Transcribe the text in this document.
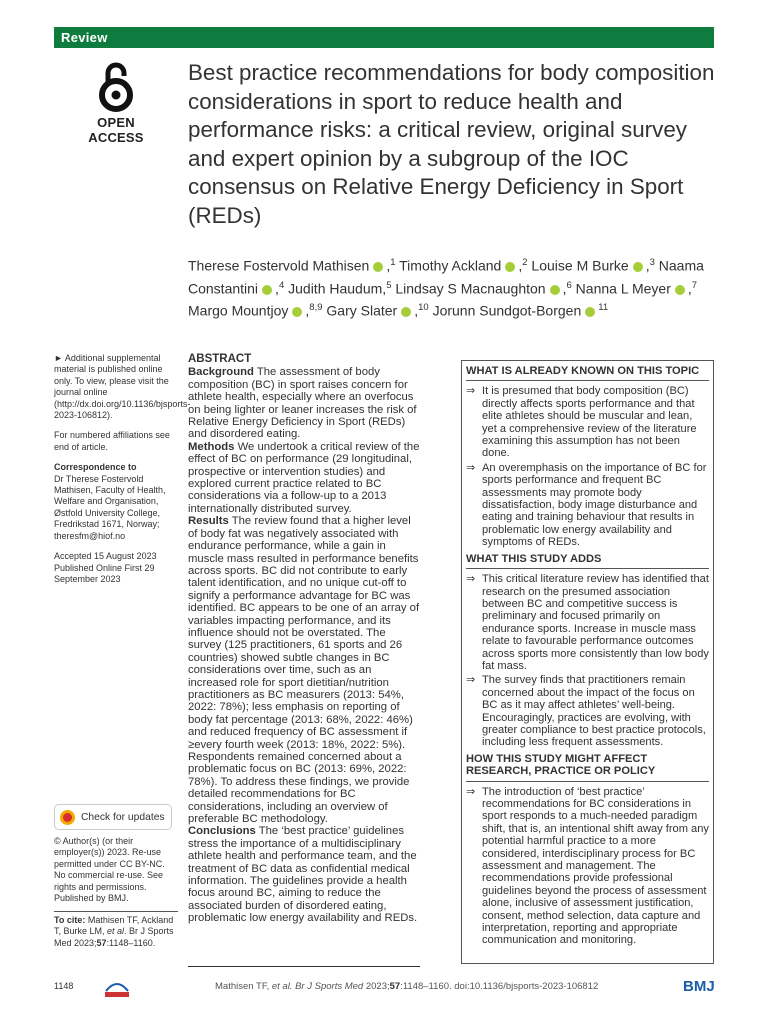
Review
OPEN ACCESS
Best practice recommendations for body composition considerations in sport to reduce health and performance risks: a critical review, original survey and expert opinion by a subgroup of the IOC consensus on Relative Energy Deficiency in Sport (REDs)
Therese Fostervold Mathisen ,$^1$ Timothy Ackland ,$^2$ Louise M Burke ,$^3$ Naama Constantini ,$^4$ Judith Haudum,$^5$ Lindsay S Macnaughton ,$^6$ Nanna L Meyer ,$^7$ Margo Mountjoy ,$^{8,9}$ Gary Slater ,$^{10}$ Jorunn Sundgot-Borgen $^{11}$

► Additional supplemental material is published online only. To view, please visit the journal online (http://dx.doi.org/10.1136/bjsports-2023-106812).

For numbered affiliations see end of article.

Correspondence to

Dr Therese Fostervold Mathisen, Faculty of Health, Welfare and Organisation, Østfold University College, Fredrikstad 1671, Norway; theresfm@hiof.no

Accepted 15 August 2023

Published Online First 29 September 2023

Check for updates
© Author(s) (or their employer(s)) 2023. Re-use permitted under CC BY-NC. No commercial re-use. See rights and permissions. Published by BMJ.
To cite: Mathisen TF, Ackland T, Burke LM, et al. Br J Sports Med 2023;57:1148–1160.

ABSTRACT

Background The assessment of body composition (BC) in sport raises concern for athlete health, especially where an overfocus on being lighter or leaner increases the risk of Relative Energy Deficiency in Sport (REDs) and disordered eating.

Methods We undertook a critical review of the effect of BC on performance (29 longitudinal, prospective or intervention studies) and explored current practice related to BC considerations via a follow-up to a 2013 internationally distributed survey.

Results The review found that a higher level of body fat was negatively associated with endurance performance, while a gain in muscle mass resulted in performance benefits across sports. BC did not contribute to early talent identification, and no unique cut-off to signify a performance advantage for BC was identified. BC appears to be one of an array of variables impacting performance, and its influence should not be overstated. The survey (125 practitioners, 61 sports and 26 countries) showed subtle changes in BC considerations over time, such as an increased role for sport dietitian/nutrition practitioners as BC measurers (2013: 54%, 2022: 78%); less emphasis on reporting of body fat percentage (2013: 68%, 2022: 46%) and reduced frequency of BC assessment if ≥every fourth week (2013: 18%, 2022: 5%). Respondents remained concerned about a problematic focus on BC (2013: 69%, 2022: 78%). To address these findings, we provide detailed recommendations for BC considerations, including an overview of preferable BC methodology.

Conclusions The ‘best practice’ guidelines stress the importance of a multidisciplinary athlete health and performance team, and the treatment of BC data as confidential medical information. The guidelines provide a health focus around BC, aiming to reduce the associated burden of disordered eating, problematic low energy availability and REDs.

WHAT IS ALREADY KNOWN ON THIS TOPIC
⇒ It is presumed that body composition (BC) directly affects sports performance and that elite athletes should be muscular and lean, yet a comprehensive review of the literature examining this assumption has not been done.
⇒ An overemphasis on the importance of BC for sports performance and frequent BC assessments may promote body dissatisfaction, body image disturbance and eating and training behaviour that results in problematic low energy availability and symptoms of REDs.
WHAT THIS STUDY ADDS
⇒ This critical literature review has identified that research on the presumed association between BC and competitive success is preliminary and focused primarily on endurance sports. Increase in muscle mass relate to favourable performance outcomes across sports more consistently than low body fat mass.
⇒ The survey finds that practitioners remain concerned about the impact of the focus on BC as it may affect athletes’ well-being. Encouragingly, practices are evolving, with greater compliance to best practice protocols, including less frequent assessments.
HOW THIS STUDY MIGHT AFFECT RESEARCH, PRACTICE OR POLICY
⇒ The introduction of ‘best practice’ recommendations for BC considerations in sport responds to a much-needed paradigm shift, that is, an intentional shift away from any potential harmful practice to a more considered, interdisciplinary process for BC assessment and management. The recommendations provide professional guidelines beyond the process of assessment alone, inclusive of assessment justification, consent, method selection, data capture and interpretation, reporting and appropriate communication and monitoring.
1148	Mathisen TF, et al. Br J Sports Med 2023;57:1148–1160. doi:10.1136/bjsports-2023-106812	BMJ
